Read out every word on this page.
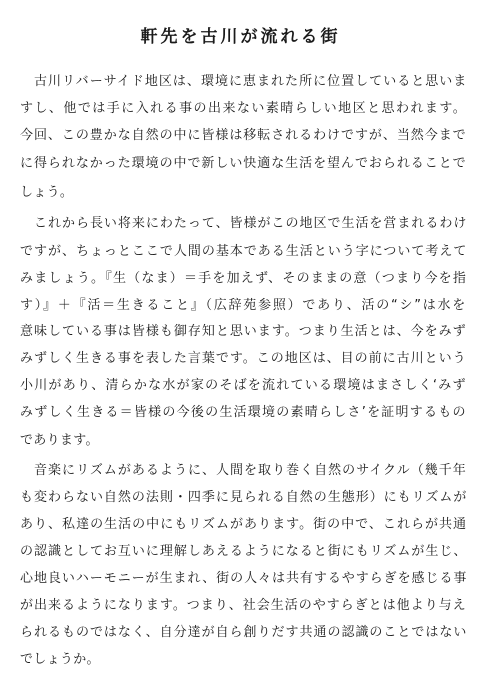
軒先を古川が流れる街
　古川リバーサイド地区は、環境に恵まれた所に位置していると思いま
すし、他では手に入れる事の出来ない素晴らしい地区と思われます。
今回、この豊かな自然の中に皆様は移転されるわけですが、当然今まで
に得られなかった環境の中で新しい快適な生活を望んでおられることで
しょう。
　これから長い将来にわたって、皆様がこの地区で生活を営まれるわけ
ですが、ちょっとここで人間の基本である生活という字について考えて
みましょう。『生（なま）＝手を加えず、そのままの意（つまり今を指
す）』＋『活＝生きること』（広辞苑参照）であり、活の“シ”は水を
意味している事は皆様も御存知と思います。つまり生活とは、今をみず
みずしく生きる事を表した言葉です。この地区は、目の前に古川という
小川があり、清らかな水が家のそばを流れている環境はまさしく‘みず
みずしく生きる＝皆様の今後の生活環境の素晴らしさ’を証明するもの
であります。
　音楽にリズムがあるように、人間を取り巻く自然のサイクル（幾千年
も変わらない自然の法則・四季に見られる自然の生態形）にもリズムが
あり、私達の生活の中にもリズムがあります。街の中で、これらが共通
の認識としてお互いに理解しあえるようになると街にもリズムが生じ、
心地良いハーモニーが生まれ、街の人々は共有するやすらぎを感じる事
が出来るようになります。つまり、社会生活のやすらぎとは他より与え
られるものではなく、自分達が自ら創りだす共通の認識のことではない
でしょうか。
